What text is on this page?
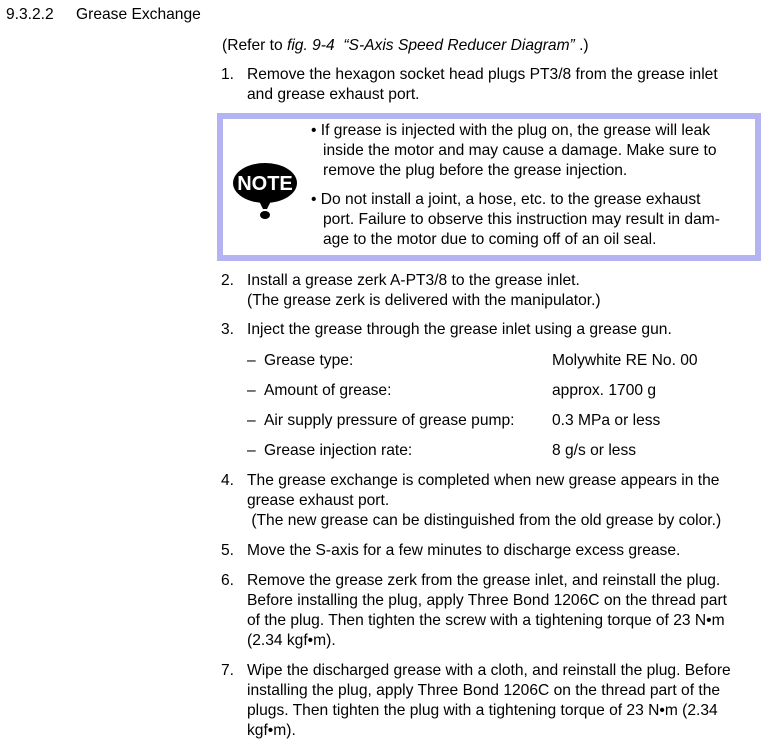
9.3.2.2 Grease Exchange
(Refer to fig. 9-4 “S-Axis Speed Reducer Diagram” .)
1. Remove the hexagon socket head plugs PT3/8 from the grease inlet
and grease exhaust port.
NOTE
• If grease is injected with the plug on, the grease will leak
inside the motor and may cause a damage. Make sure to
remove the plug before the grease injection.
• Do not install a joint, a hose, etc. to the grease exhaust
port. Failure to observe this instruction may result in dam-
age to the motor due to coming off of an oil seal.
2. Install a grease zerk A-PT3/8 to the grease inlet.
(The grease zerk is delivered with the manipulator.)
3. Inject the grease through the grease inlet using a grease gun.
– Grease type:	Molywhite RE No. 00
– Amount of grease:	approx. 1700 g
– Air supply pressure of grease pump: 0.3 MPa or less
– Grease injection rate:	8 g/s or less
4. The grease exchange is completed when new grease appears in the
grease exhaust port.
(The new grease can be distinguished from the old grease by color.)
5. Move the S-axis for a few minutes to discharge excess grease.
6. Remove the grease zerk from the grease inlet, and reinstall the plug.
Before installing the plug, apply Three Bond 1206C on the thread part
of the plug. Then tighten the screw with a tightening torque of 23 N•m
(2.34 kgf•m).
7. Wipe the discharged grease with a cloth, and reinstall the plug. Before
installing the plug, apply Three Bond 1206C on the thread part of the
plugs. Then tighten the plug with a tightening torque of 23 N•m (2.34
kgf•m).
